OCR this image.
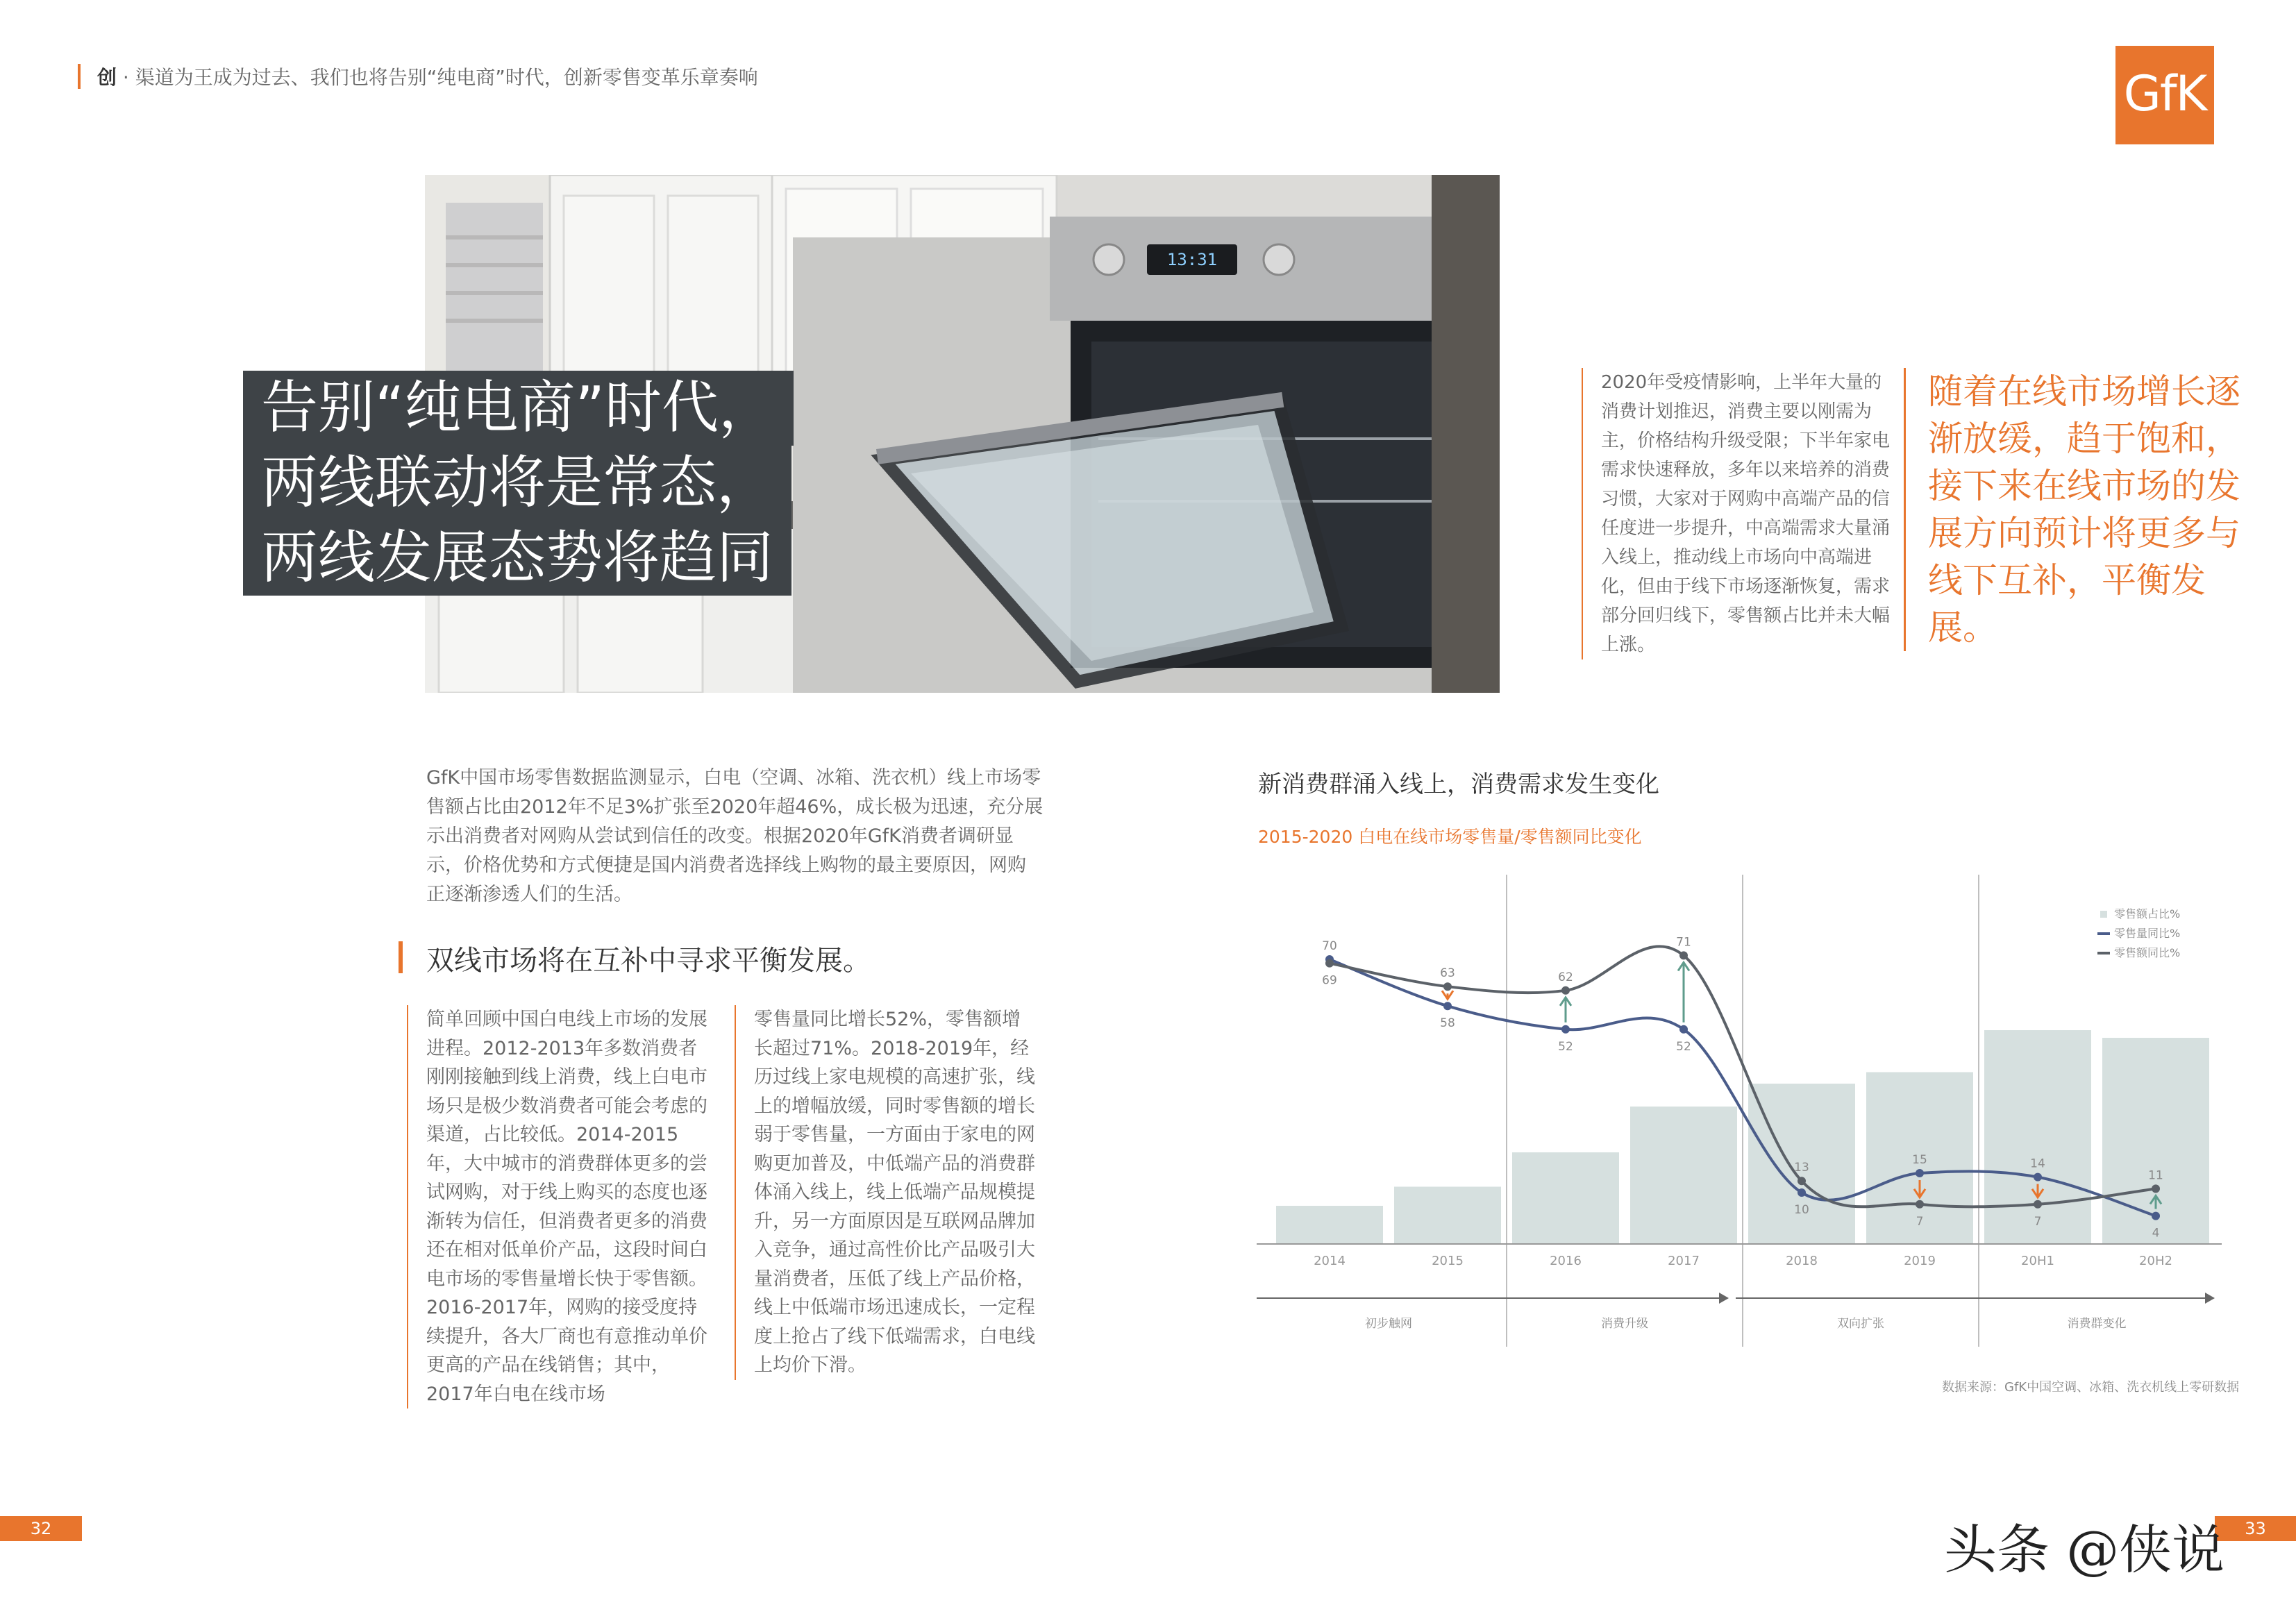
创 · 渠道为王成为过去、我们也将告别“纯电商”时代，创新零售变革乐章奏响	GfK
13:31
告别“纯电商”时代，
两线联动将是常态，
两线发展态势将趋同
2020年受疫情影响，上半年大量的消费计划推迟，消费主要以刚需为主，价格结构升级受限；下半年家电需求快速释放，多年以来培养的消费习惯，大家对于网购中高端产品的信任度进一步提升，中高端需求大量涌入线上，推动线上市场向中高端进化，但由于线下市场逐渐恢复，需求部分回归线下，零售额占比并未大幅上涨。
随着在线市场增长逐渐放缓，趋于饱和，接下来在线市场的发展方向预计将更多与线下互补，平衡发展。
GfK中国市场零售数据监测显示，白电（空调、冰箱、洗衣机）线上市场零售额占比由2012年不足3%扩张至2020年超46%，成长极为迅速，充分展示出消费者对网购从尝试到信任的改变。根据2020年GfK消费者调研显示，价格优势和方式便捷是国内消费者选择线上购物的最主要原因，网购正逐渐渗透人们的生活。
双线市场将在互补中寻求平衡发展。
简单回顾中国白电线上市场的发展进程。2012-2013年多数消费者刚刚接触到线上消费，线上白电市场只是极少数消费者可能会考虑的渠道，占比较低。2014-2015年，大中城市的消费群体更多的尝试网购，对于线上购买的态度也逐渐转为信任，但消费者更多的消费还在相对低单价产品，这段时间白电市场的零售量增长快于零售额。2016-2017年，网购的接受度持续提升，各大厂商也有意推动单价更高的产品在线销售；其中，2017年白电在线市场
零售量同比增长52%，零售额增长超过71%。2018-2019年，经历过线上家电规模的高速扩张，线上的增幅放缓，同时零售额的增长弱于零售量，一方面由于家电的网购更加普及，中低端产品的消费群体涌入线上，线上低端产品规模提升，另一方面原因是互联网品牌加入竞争，通过高性价比产品吸引大量消费者，压低了线上产品价格，线上中低端市场迅速成长，一定程度上抢占了线下低端需求，白电线上均价下滑。
新消费群涌入线上，消费需求发生变化
2015-2020 白电在线市场零售量/零售额同比变化
2014	2015	2016	2017	2018	2019	20H1	20H2
初步触网	消费升级	双向扩张	消费群变化
70
69
63
58
62
52
71
52
13
10
15
7
14
7
11
4
零售额占比%
零售量同比%
零售额同比%
数据来源：GfK中国空调、冰箱、洗衣机线上零研数据
32	33
头条 @侠说
